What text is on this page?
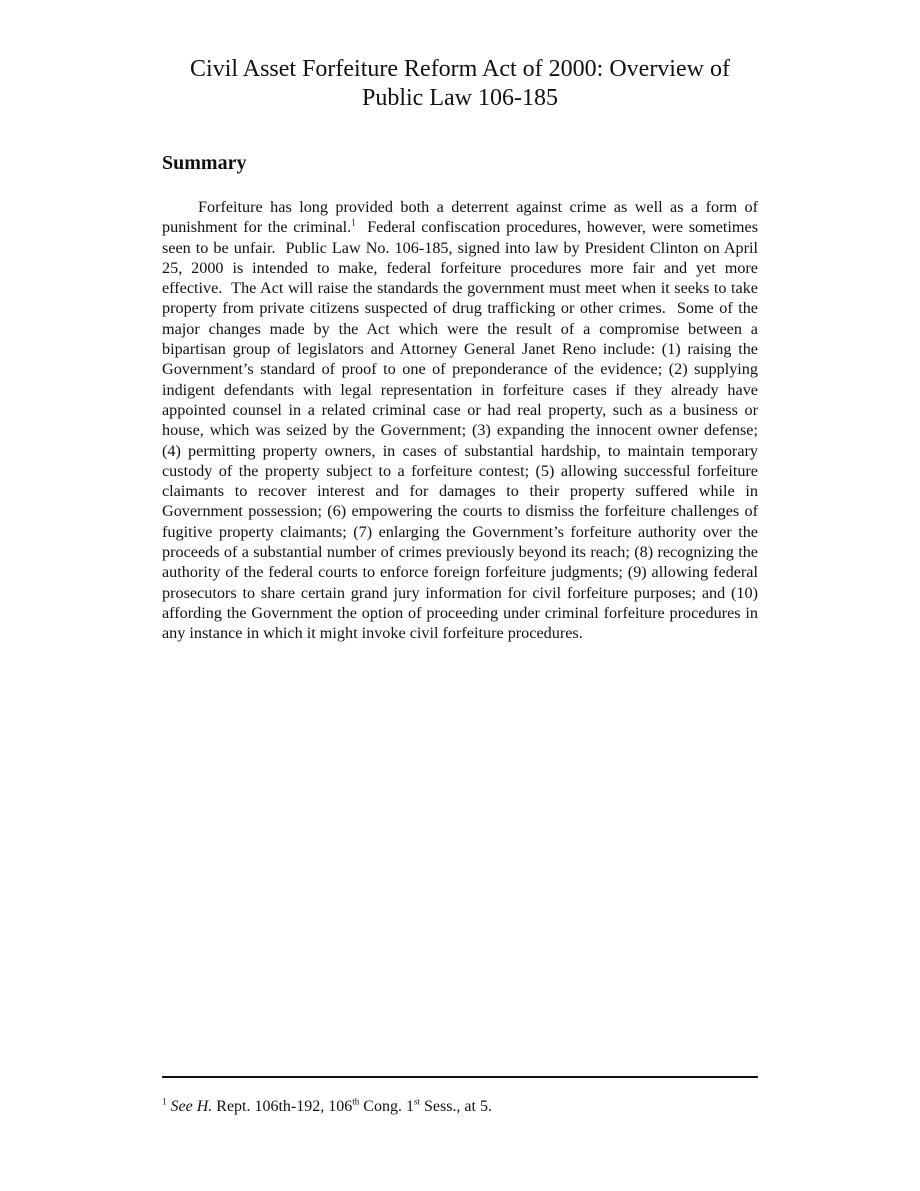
Civil Asset Forfeiture Reform Act of 2000: Overview of Public Law 106-185
Summary

Forfeiture has long provided both a deterrent against crime as well as a form of punishment for the criminal.$^1$  Federal confiscation procedures, however, were sometimes seen to be unfair.  Public Law No. 106-185, signed into law by President Clinton on April 25, 2000 is intended to make, federal forfeiture procedures more fair and yet more effective.  The Act will raise the standards the government must meet when it seeks to take property from private citizens suspected of drug trafficking or other crimes.  Some of the major changes made by the Act which were the result of a compromise between a bipartisan group of legislators and Attorney General Janet Reno include: (1) raising the Government’s standard of proof to one of preponderance of the evidence; (2) supplying indigent defendants with legal representation in forfeiture cases if they already have appointed counsel in a related criminal case or had real property, such as a business or house, which was seized by the Government; (3) expanding the innocent owner defense; (4) permitting property owners, in cases of substantial hardship, to maintain temporary custody of the property subject to a forfeiture contest; (5) allowing successful forfeiture claimants to recover interest and for damages to their property suffered while in Government possession; (6) empowering the courts to dismiss the forfeiture challenges of fugitive property claimants; (7) enlarging the Government’s forfeiture authority over the proceeds of a substantial number of crimes previously beyond its reach; (8) recognizing the authority of the federal courts to enforce foreign forfeiture judgments; (9) allowing federal prosecutors to share certain grand jury information for civil forfeiture purposes; and (10) affording the Government the option of proceeding under criminal forfeiture procedures in any instance in which it might invoke civil forfeiture procedures.

$^1$ See H. Rept. 106th-192, 106th Cong. 1st Sess., at 5.
